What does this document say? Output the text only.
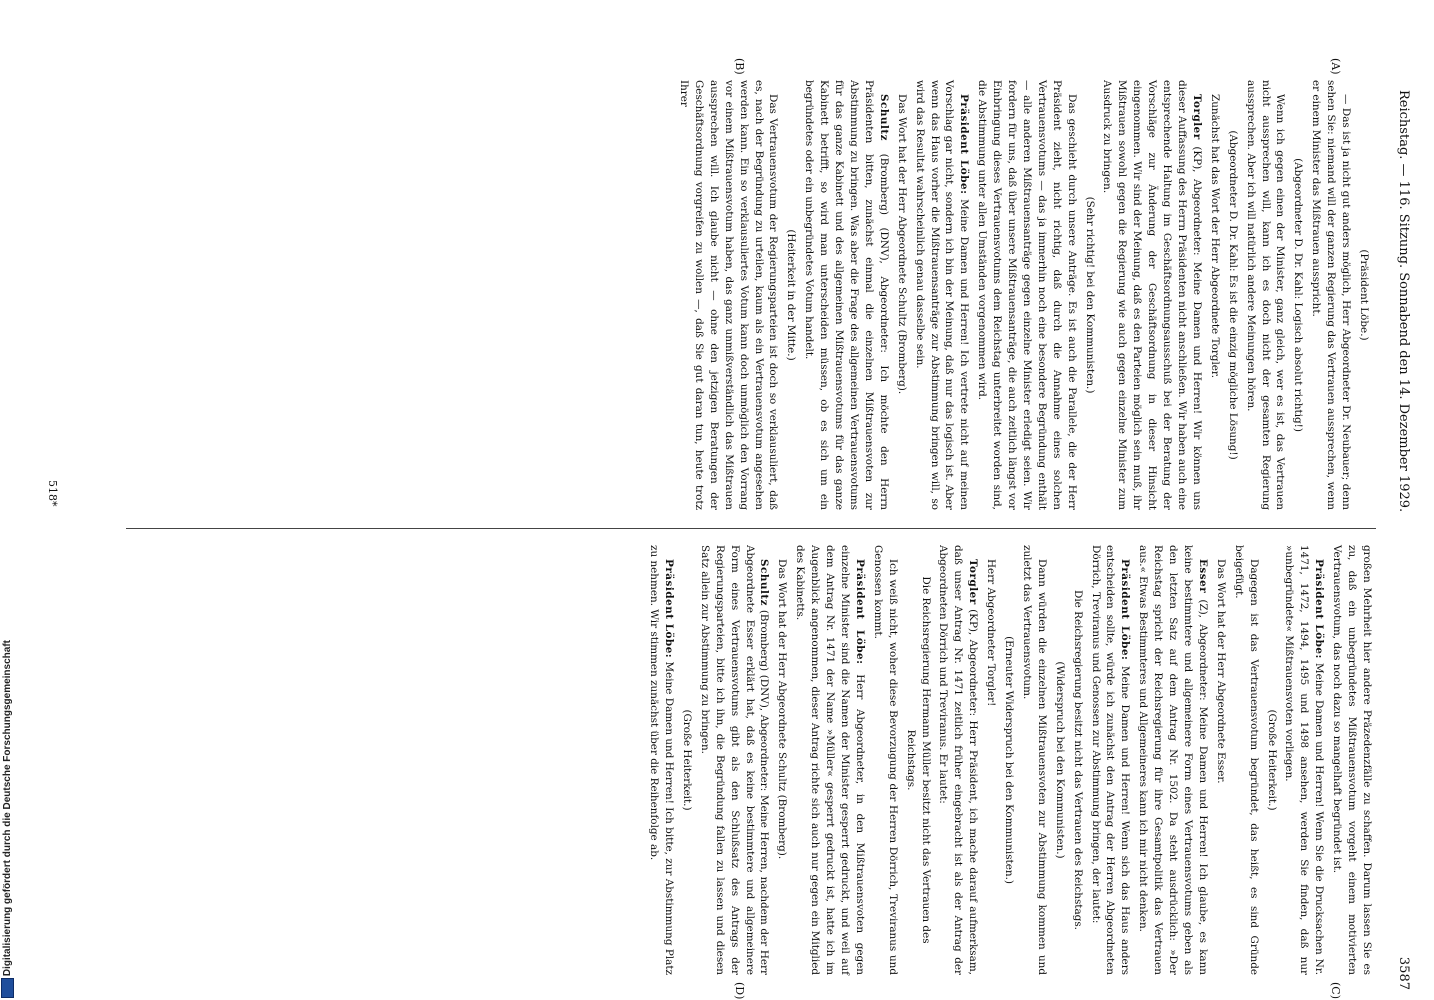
Digitalisierung gefördert durch die Deutsche Forschungsgemeinschaft
Reichstag. — 116. Sitzung. Sonnabend den 14. Dezember 1929.
3587
(A)
(B)
(C)
(D)

(Präsident Löbe.)

— Das ist ja nicht gut anders möglich, Herr Abgeordneter Dr. Neubauer; denn sehen Sie: niemand will der ganzen Regierung das Vertrauen aussprechen, wenn er einem Minister das Mißtrauen ausspricht.

(Abgeordneter D. Dr. Kahl: Logisch absolut richtig!)

Wenn ich gegen einen der Minister, ganz gleich, wer es ist, das Vertrauen nicht aussprechen will, kann ich es doch nicht der gesamten Regierung aussprechen. Aber ich will natürlich andere Meinungen hören.

(Abgeordneter D. Dr. Kahl: Es ist die einzig mögliche Lösung!)

Zunächst hat das Wort der Herr Abgeordnete Torgler.

Torgler (KP), Abgeordneter: Meine Damen und Herren! Wir können uns dieser Auffassung des Herrn Präsidenten nicht anschließen. Wir haben auch eine entsprechende Haltung im Geschäftsordnungsausschuß bei der Beratung der Vorschläge zur Änderung der Geschäftsordnung in dieser Hinsicht eingenommen. Wir sind der Meinung, daß es den Parteien möglich sein muß, ihr Mißtrauen sowohl gegen die Regierung wie auch gegen einzelne Minister zum Ausdruck zu bringen.

(Sehr richtig! bei den Kommunisten.)

Das geschieht durch unsere Anträge. Es ist auch die Parallele, die der Herr Präsident zieht, nicht richtig, daß durch die Annahme eines solchen Vertrauensvotums — das ja immerhin noch eine besondere Begründung enthält — alle anderen Mißtrauensanträge gegen einzelne Minister erledigt seien. Wir fordern für uns, daß über unsere Mißtrauensanträge, die auch zeitlich längst vor Einbringung dieses Vertrauensvotums dem Reichstag unterbreitet worden sind, die Abstimmung unter allen Umständen vorgenommen wird.

Präsident Löbe: Meine Damen und Herren! Ich vertrete nicht auf meinen Vorschlag gar nicht, sondern ich bin der Meinung, daß nur das logisch ist. Aber wenn das Haus vorher die Mißtrauensanträge zur Abstimmung bringen will, so wird das Resultat wahrscheinlich genau dasselbe sein.

Das Wort hat der Herr Abgeordnete Schultz (Bromberg).

Schultz (Bromberg) (DNV), Abgeordneter: Ich möchte den Herrn Präsidenten bitten, zunächst einmal die einzelnen Mißtrauensvoten zur Abstimmung zu bringen. Was aber die Frage des allgemeinen Vertrauensvotums für das ganze Kabinett und des allgemeinen Mißtrauensvotums für das ganze Kabinett betrifft, so wird man unterscheiden müssen, ob es sich um ein begründetes oder ein unbegründetes Votum handelt.

(Heiterkeit in der Mitte.)

Das Vertrauensvotum der Regierungsparteien ist doch so verklausuliert, daß es, nach der Begründung zu urteilen, kaum als ein Vertrauensvotum angesehen werden kann. Ein so verklausuliertes Votum kann doch unmöglich den Vorrang vor einem Mißtrauensvotum haben, das ganz unmißverständlich das Mißtrauen aussprechen will. Ich glaube nicht — ohne den jetzigen Beratungen der Geschäftsordnung vorgreifen zu wollen —, daß Sie gut daran tun, heute trotz Ihrer

großen Mehrheit hier andere Präzedenzfälle zu schaffen. Darum lassen Sie es zu, daß ein unbegründetes Mißtrauensvotum vorgeht einem motivierten Vertrauensvotum, das noch dazu so mangelhaft begründet ist.

Präsident Löbe: Meine Damen und Herren! Wenn Sie die Drucksachen Nr. 1471, 1472, 1494, 1495 und 1498 ansehen, werden Sie finden, daß nur »unbegründete« Mißtrauensvoten vorliegen.

(Große Heiterkeit.)

Dagegen ist das Vertrauensvotum begründet, das heißt, es sind Gründe beigefügt.

Das Wort hat der Herr Abgeordnete Esser.

Esser (Z), Abgeordneter: Meine Damen und Herren! Ich glaube, es kann keine bestimmtere und allgemeinere Form eines Vertrauensvotums geben als den letzten Satz auf dem Antrag Nr. 1502. Da steht ausdrücklich: »Der Reichstag spricht der Reichsregierung für ihre Gesamtpolitik das Vertrauen aus.« Etwas Bestimmteres und Allgemeineres kann ich mir nicht denken.

Präsident Löbe: Meine Damen und Herren! Wenn sich das Haus anders entscheiden sollte, würde ich zunächst den Antrag der Herren Abgeordneten Dörrich, Treviranus und Genossen zur Abstimmung bringen, der lautet:

Die Reichsregierung besitzt nicht das Vertrauen des Reichstags.

(Widerspruch bei den Kommunisten.)

Dann würden die einzelnen Mißtrauensvoten zur Abstimmung kommen und zuletzt das Vertrauensvotum.

(Erneuter Widerspruch bei den Kommunisten.)

Herr Abgeordneter Torgler!

Torgler (KP), Abgeordneter: Herr Präsident, ich mache darauf aufmerksam, daß unser Antrag Nr. 1471 zeitlich früher eingebracht ist als der Antrag der Abgeordneten Dörrich und Treviranus. Er lautet:

Die Reichsregierung Hermann Müller besitzt nicht das Vertrauen des Reichstags.

Ich weiß nicht, woher diese Bevorzugung der Herren Dörrich, Treviranus und Genossen kommt.

Präsident Löbe: Herr Abgeordneter, in den Mißtrauensvoten gegen einzelne Minister sind die Namen der Minister gesperrt gedruckt, und weil auf dem Antrag Nr. 1471 der Name »Müller« gesperrt gedruckt ist, hatte ich im Augenblick angenommen, dieser Antrag richte sich auch nur gegen ein Mitglied des Kabinetts.

Das Wort hat der Herr Abgeordnete Schultz (Bromberg).

Schultz (Bromberg) (DNV), Abgeordneter: Meine Herren, nachdem der Herr Abgeordnete Esser erklärt hat, daß es keine bestimmtere und allgemeinere Form eines Vertrauensvotums gibt als den Schlußsatz des Antrags der Regierungsparteien, bitte ich ihn, die Begründung fallen zu lassen und diesen Satz allein zur Abstimmung zu bringen.

(Große Heiterkeit.)

Präsident Löbe: Meine Damen und Herren! Ich bitte, zur Abstimmung Platz zu nehmen. Wir stimmen zunächst über die Reihenfolge ab.

518*
